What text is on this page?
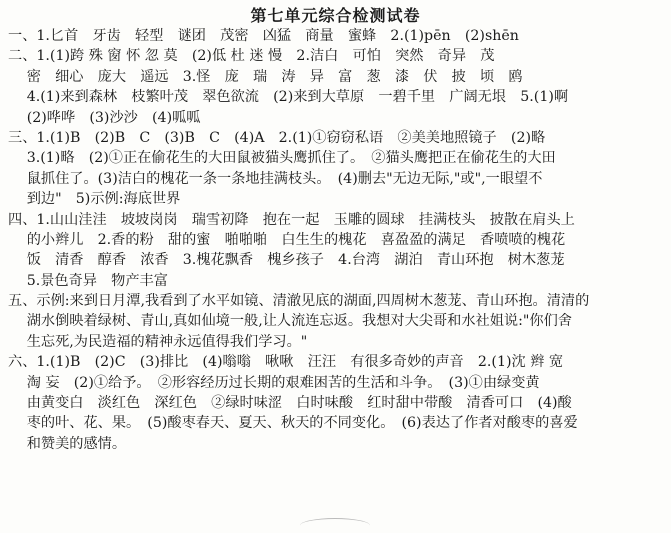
第七单元综合检测试卷
一、1.匕首　牙齿　轻型　谜团　茂密　凶猛　商量　蜜蜂　2.(1)pēn　(2)shēn
二、1.(1)跨 殊 窗 怀 忽 莫　(2)低 杜 迷 慢　2.洁白　可怕　突然　奇异　茂
　 密　细心　庞大　遥远　3.怪　庞　瑞　涛　异　富　葱　漆　伏　披　顷　鸥
　 4.(1)来到森林　枝繁叶茂　翠色欲流　(2)来到大草原　一碧千里　广阔无垠　5.(1)啊
　 (2)哗哗　(3)沙沙　(4)呱呱
三、1.(1)B　(2)B　C　(3)B　C　(4)A　2.(1)①窃窃私语　②美美地照镜子　(2)略
　 3.(1)略　(2)①正在偷花生的大田鼠被猫头鹰抓住了。　②猫头鹰把正在偷花生的大田
　 鼠抓住了。(3)洁白的槐花一条一条地挂满枝头。　(4)删去"无边无际,"或",一眼望不
　 到边"　5)示例:海底世界
四、1.山山洼洼　坡坡岗岗　瑞雪初降　抱在一起　玉雕的圆球　挂满枝头　披散在肩头上
　 的小辫儿　2.香的粉　甜的蜜　啪啪啪　白生生的槐花　喜盈盈的满足　香喷喷的槐花
　 饭　清香　醇香　浓香　3.槐花飘香　槐乡孩子　4.台湾　湖泊　青山环抱　树木葱茏
　 5.景色奇异　物产丰富
五、示例:来到日月潭,我看到了水平如镜、清澈见底的湖面,四周树木葱茏、青山环抱。清清的
　 湖水倒映着绿树、青山,真如仙境一般,让人流连忘返。我想对大尖哥和水社姐说:"你们舍
　 生忘死,为民造福的精神永远值得我们学习。"
六、1.(1)B　(2)C　(3)排比　(4)嗡嗡　啾啾　汪汪　有很多奇妙的声音　2.(1)沈 辫 宽
　 淘 妄　(2)①给予。　②形容经历过长期的艰难困苦的生活和斗争。　(3)①由绿变黄
　 由黄变白　淡红色　深红色　②绿时味涩　白时味酸　红时甜中带酸　清香可口　(4)酸
　 枣的叶、花、果。　(5)酸枣春天、夏天、秋天的不同变化。　(6)表达了作者对酸枣的喜爱
　 和赞美的感情。
